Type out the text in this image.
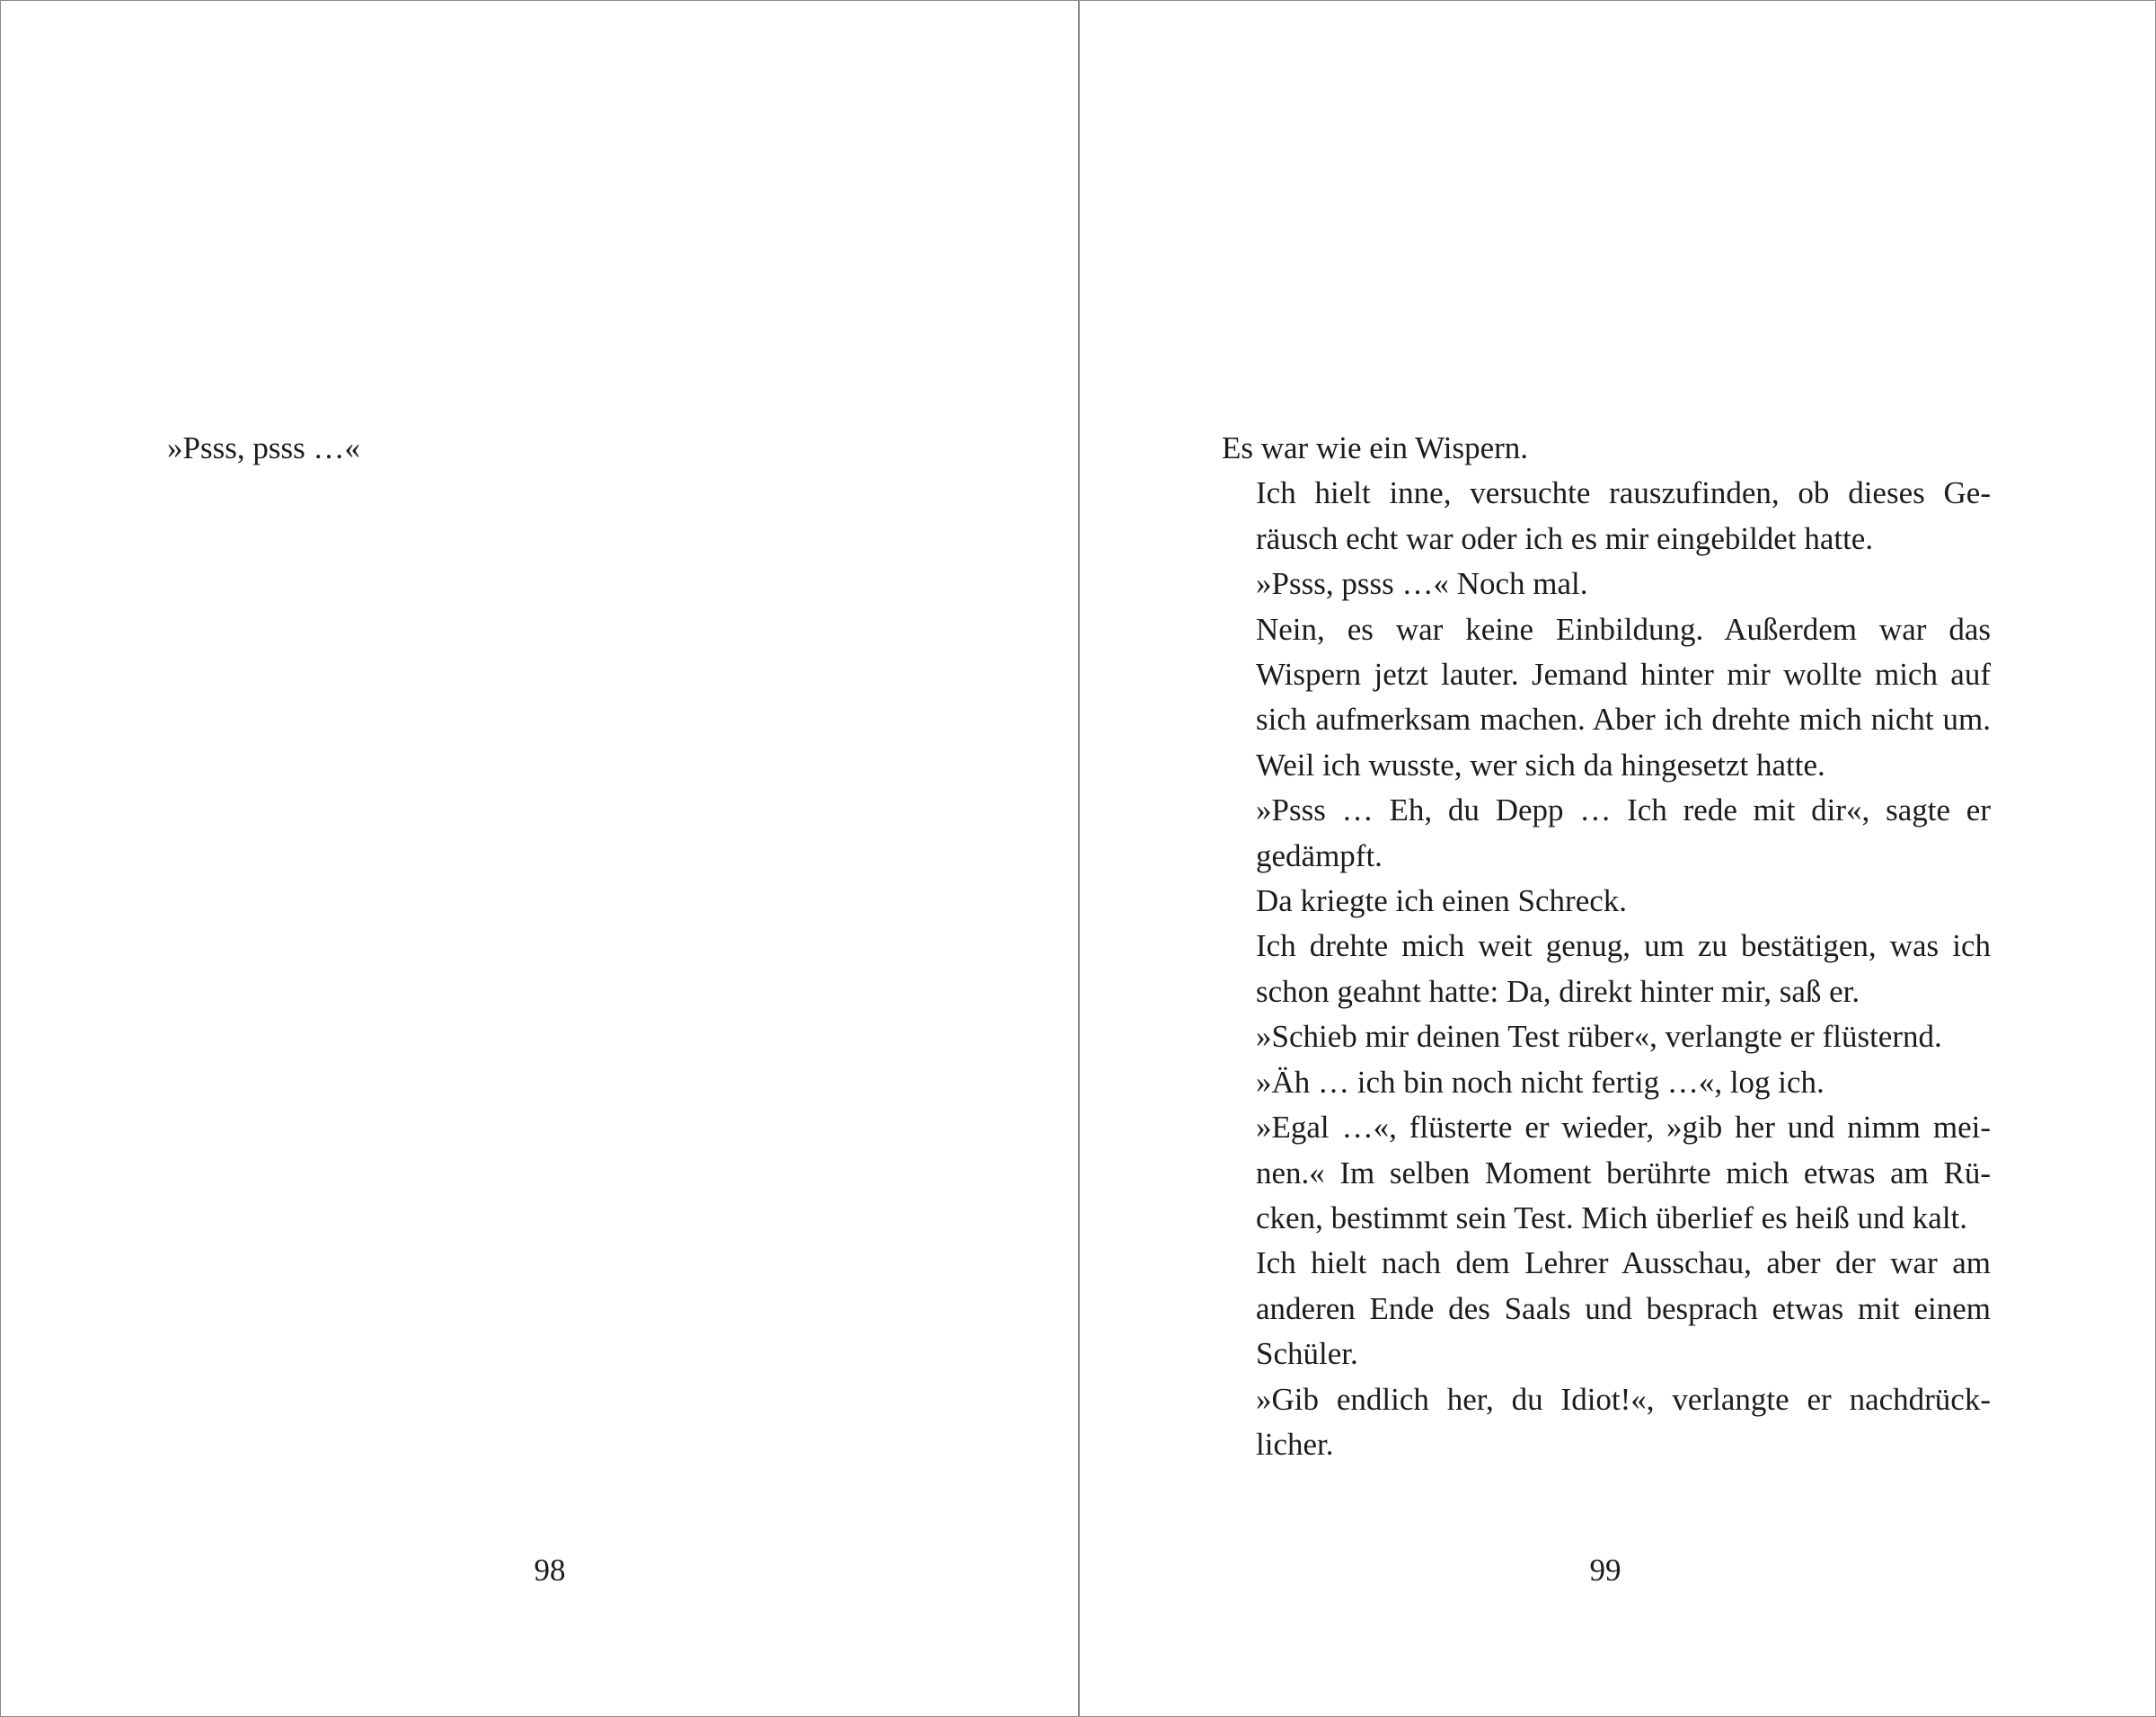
»Psss, psss …«
98

Es war wie ein Wispern.

Ich hielt inne, versuchte rauszufinden, ob dieses Ge-
räusch echt war oder ich es mir eingebildet hatte.

»Psss, psss …« Noch mal.

Nein, es war keine Einbildung. Außerdem war das
Wispern jetzt lauter. Jemand hinter mir wollte mich auf
sich aufmerksam machen. Aber ich drehte mich nicht um.
Weil ich wusste, wer sich da hingesetzt hatte.

»Psss … Eh, du Depp … Ich rede mit dir«, sagte er
gedämpft.

Da kriegte ich einen Schreck.

Ich drehte mich weit genug, um zu bestätigen, was ich
schon geahnt hatte: Da, direkt hinter mir, saß er.

»Schieb mir deinen Test rüber«, verlangte er flüsternd.

»Äh … ich bin noch nicht fertig …«, log ich.

»Egal …«, flüsterte er wieder, »gib her und nimm mei-
nen.« Im selben Moment berührte mich etwas am Rü-
cken, bestimmt sein Test. Mich überlief es heiß und kalt.

Ich hielt nach dem Lehrer Ausschau, aber der war am
anderen Ende des Saals und besprach etwas mit einem
Schüler.

»Gib endlich her, du Idiot!«, verlangte er nachdrück-
licher.

99
